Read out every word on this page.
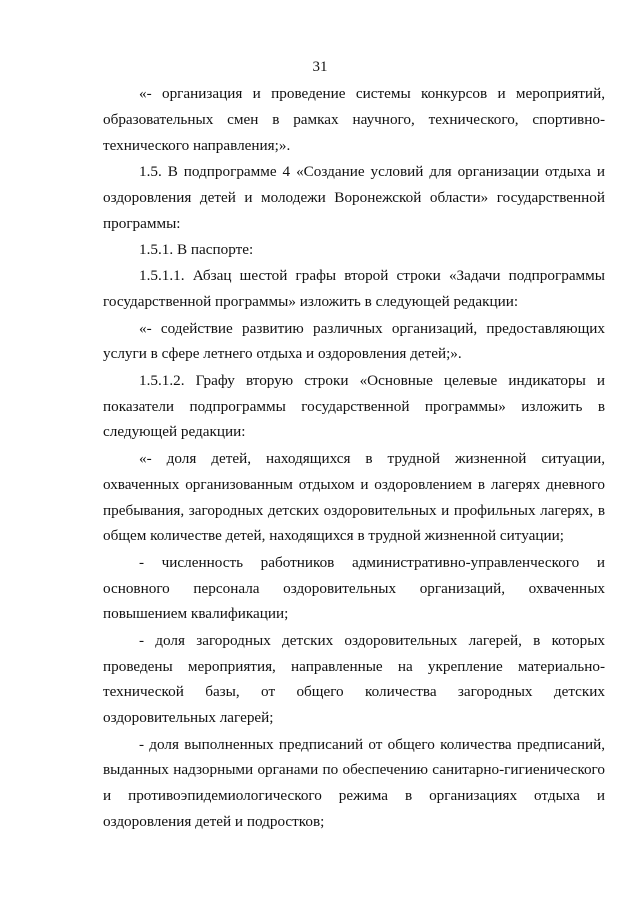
31

«- организация и проведение системы конкурсов и мероприятий, образовательных смен в рамках научного, технического, спортивно-технического направления;».

1.5. В подпрограмме 4 «Создание условий для организации отдыха и оздоровления детей и молодежи Воронежской области» государственной программы:

1.5.1. В паспорте:

1.5.1.1. Абзац шестой графы второй строки «Задачи подпрограммы государственной программы» изложить в следующей редакции:

«- содействие развитию различных организаций, предоставляющих услуги в сфере летнего отдыха и оздоровления детей;».

1.5.1.2. Графу вторую строки «Основные целевые индикаторы и показатели подпрограммы государственной программы» изложить в следующей редакции:

«- доля детей, находящихся в трудной жизненной ситуации, охваченных организованным отдыхом и оздоровлением в лагерях дневного пребывания, загородных детских оздоровительных и профильных лагерях, в общем количестве детей, находящихся в трудной жизненной ситуации;

- численность работников административно-управленческого и основного персонала оздоровительных организаций, охваченных повышением квалификации;

- доля загородных детских оздоровительных лагерей, в которых проведены мероприятия, направленные на укрепление материально-технической базы, от общего количества загородных детских оздоровительных лагерей;

- доля выполненных предписаний от общего количества предписаний, выданных надзорными органами по обеспечению санитарно-гигиенического и противоэпидемиологического режима в организациях отдыха и оздоровления детей и подростков;
